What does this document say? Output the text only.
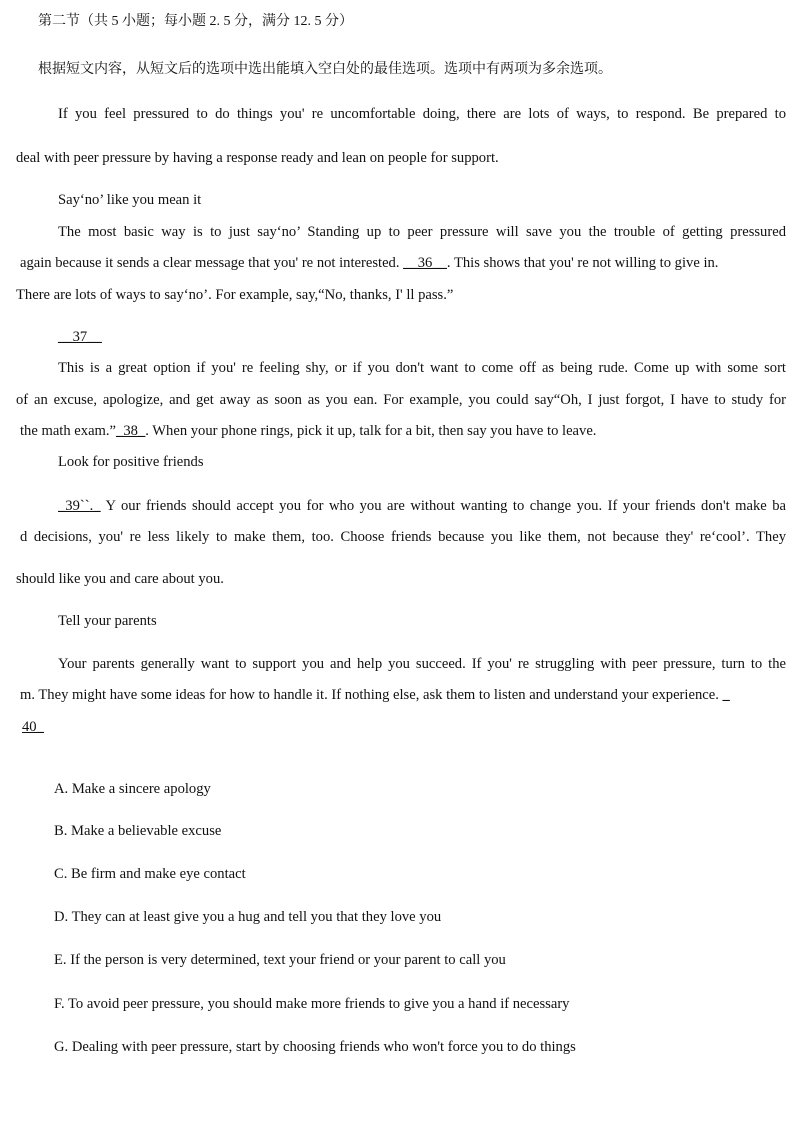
第二节（共 5 小题；每小题 2. 5 分，满分 12. 5 分）
根据短文内容，从短文后的选项中选出能填入空白处的最佳选项。选项中有两项为多余选项。
If you feel pressured to do things you' re uncomfortable doing, there are lots of ways, to respond. Be prepared to
deal with peer pressure by having a response ready and lean on people for support.
Say‘no’ like you mean it
The most basic way is to just say‘no’ Standing up to peer pressure will save you the trouble of getting pressured
again because it sends a clear message that you' re not interested. __36__. This shows that you' re not willing to give in.
There are lots of ways to say‘no’. For example, say,“No, thanks, I' ll pass.”
__37__
This is a great option if you' re feeling shy, or if you don't want to come off as being rude. Come up with some sort
of an excuse, apologize, and get away as soon as you ean. For example, you could say“Oh, I just forgot, I have to study for
the math exam.”_38_. When your phone rings, pick it up, talk for a bit, then say you have to leave.
Look for positive friends
_39``._ Y our friends should accept you for who you are without wanting to change you. If your friends don't make ba
d decisions, you' re less likely to make them, too. Choose friends because you like them, not because they' re‘cool’. They
should like you and care about you.
Tell your parents
Your parents generally want to support you and help you succeed. If you' re struggling with peer pressure, turn to the
m. They might have some ideas for how to handle it. If nothing else, ask them to listen and understand your experience. _
40_
A. Make a sincere apology
B. Make a believable excuse
C. Be firm and make eye contact
D. They can at least give you a hug and tell you that they love you
E. If the person is very determined, text your friend or your parent to call you
F. To avoid peer pressure, you should make more friends to give you a hand if necessary
G. Dealing with peer pressure, start by choosing friends who won't force you to do things
